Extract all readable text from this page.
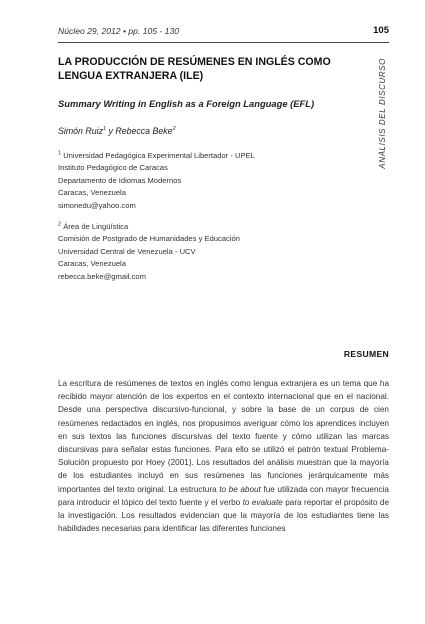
Núcleo 29, 2012 • pp. 105 - 130	105
ANÁLISIS DEL DISCURSO
LA PRODUCCIÓN DE RESÚMENES EN INGLÉS COMO LENGUA EXTRANJERA (ILE)
Summary Writing in English as a Foreign Language (EFL)
Simón Ruiz$^1$ y Rebecca Beke$^2$
$^1$ Universidad Pedagógica Experimental Libertador - UPEL
Instituto Pedagógico de Caracas
Departamento de Idiomas Modernos
Caracas, Venezuela
simonedu@yahoo.com
$^2$ Área de Lingüística
Comisión de Postgrado de Humanidades y Educación
Universidad Central de Venezuela - UCV
Caracas, Venezuela
rebecca.beke@gmail.com
RESUMEN

La escritura de resúmenes de textos en inglés como lengua extranjera es un tema que ha recibido mayor atención de los expertos en el contexto internacional que en el nacional. Desde una perspectiva discursivo-funcional, y sobre la base de un corpus de cien resúmenes redactados en inglés, nos propusimos averiguar cómo los aprendices incluyen en sus textos las funciones discursivas del texto fuente y cómo utilizan las marcas discursivas para señalar estas funciones. Para ello se utilizó el patrón textual Problema-Solución propuesto por Hoey (2001). Los resultados del análisis muestran que la mayoría de los estudiantes incluyó en sus resúmenes las funciones jerárquicamente más importantes del texto original. La estructura to be about fue utilizada con mayor frecuencia para introducir el tópico del texto fuente y el verbo to evaluate para reportar el propósito de la investigación. Los resultados evidencian que la mayoría de los estudiantes tiene las habilidades necesarias para identificar las diferentes funciones
